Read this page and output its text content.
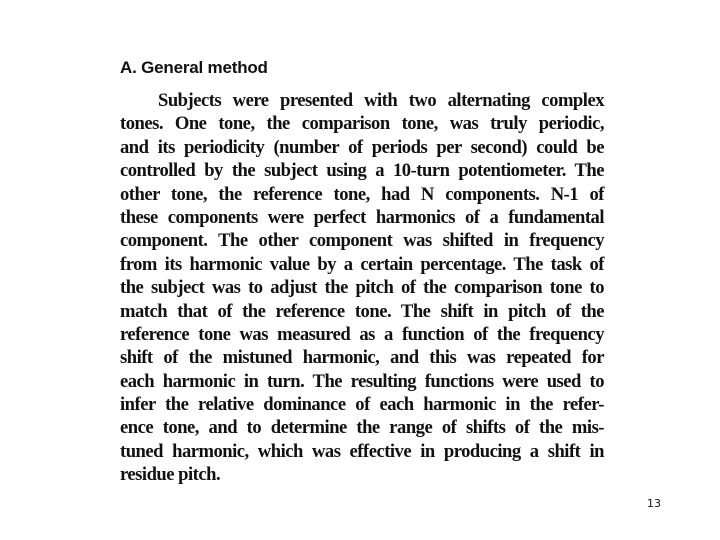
A. General method
Subjects were presented with two alternating complex
tones. One tone, the comparison tone, was truly periodic,
and its periodicity (number of periods per second) could be
controlled by the subject using a 10-turn potentiometer. The
other tone, the reference tone, had N components. N-1 of
these components were perfect harmonics of a fundamental
component. The other component was shifted in frequency
from its harmonic value by a certain percentage. The task of
the subject was to adjust the pitch of the comparison tone to
match that of the reference tone. The shift in pitch of the
reference tone was measured as a function of the frequency
shift of the mistuned harmonic, and this was repeated for
each harmonic in turn. The resulting functions were used to
infer the relative dominance of each harmonic in the refer-
ence tone, and to determine the range of shifts of the mis-
tuned harmonic, which was effective in producing a shift in
residue pitch.
13
